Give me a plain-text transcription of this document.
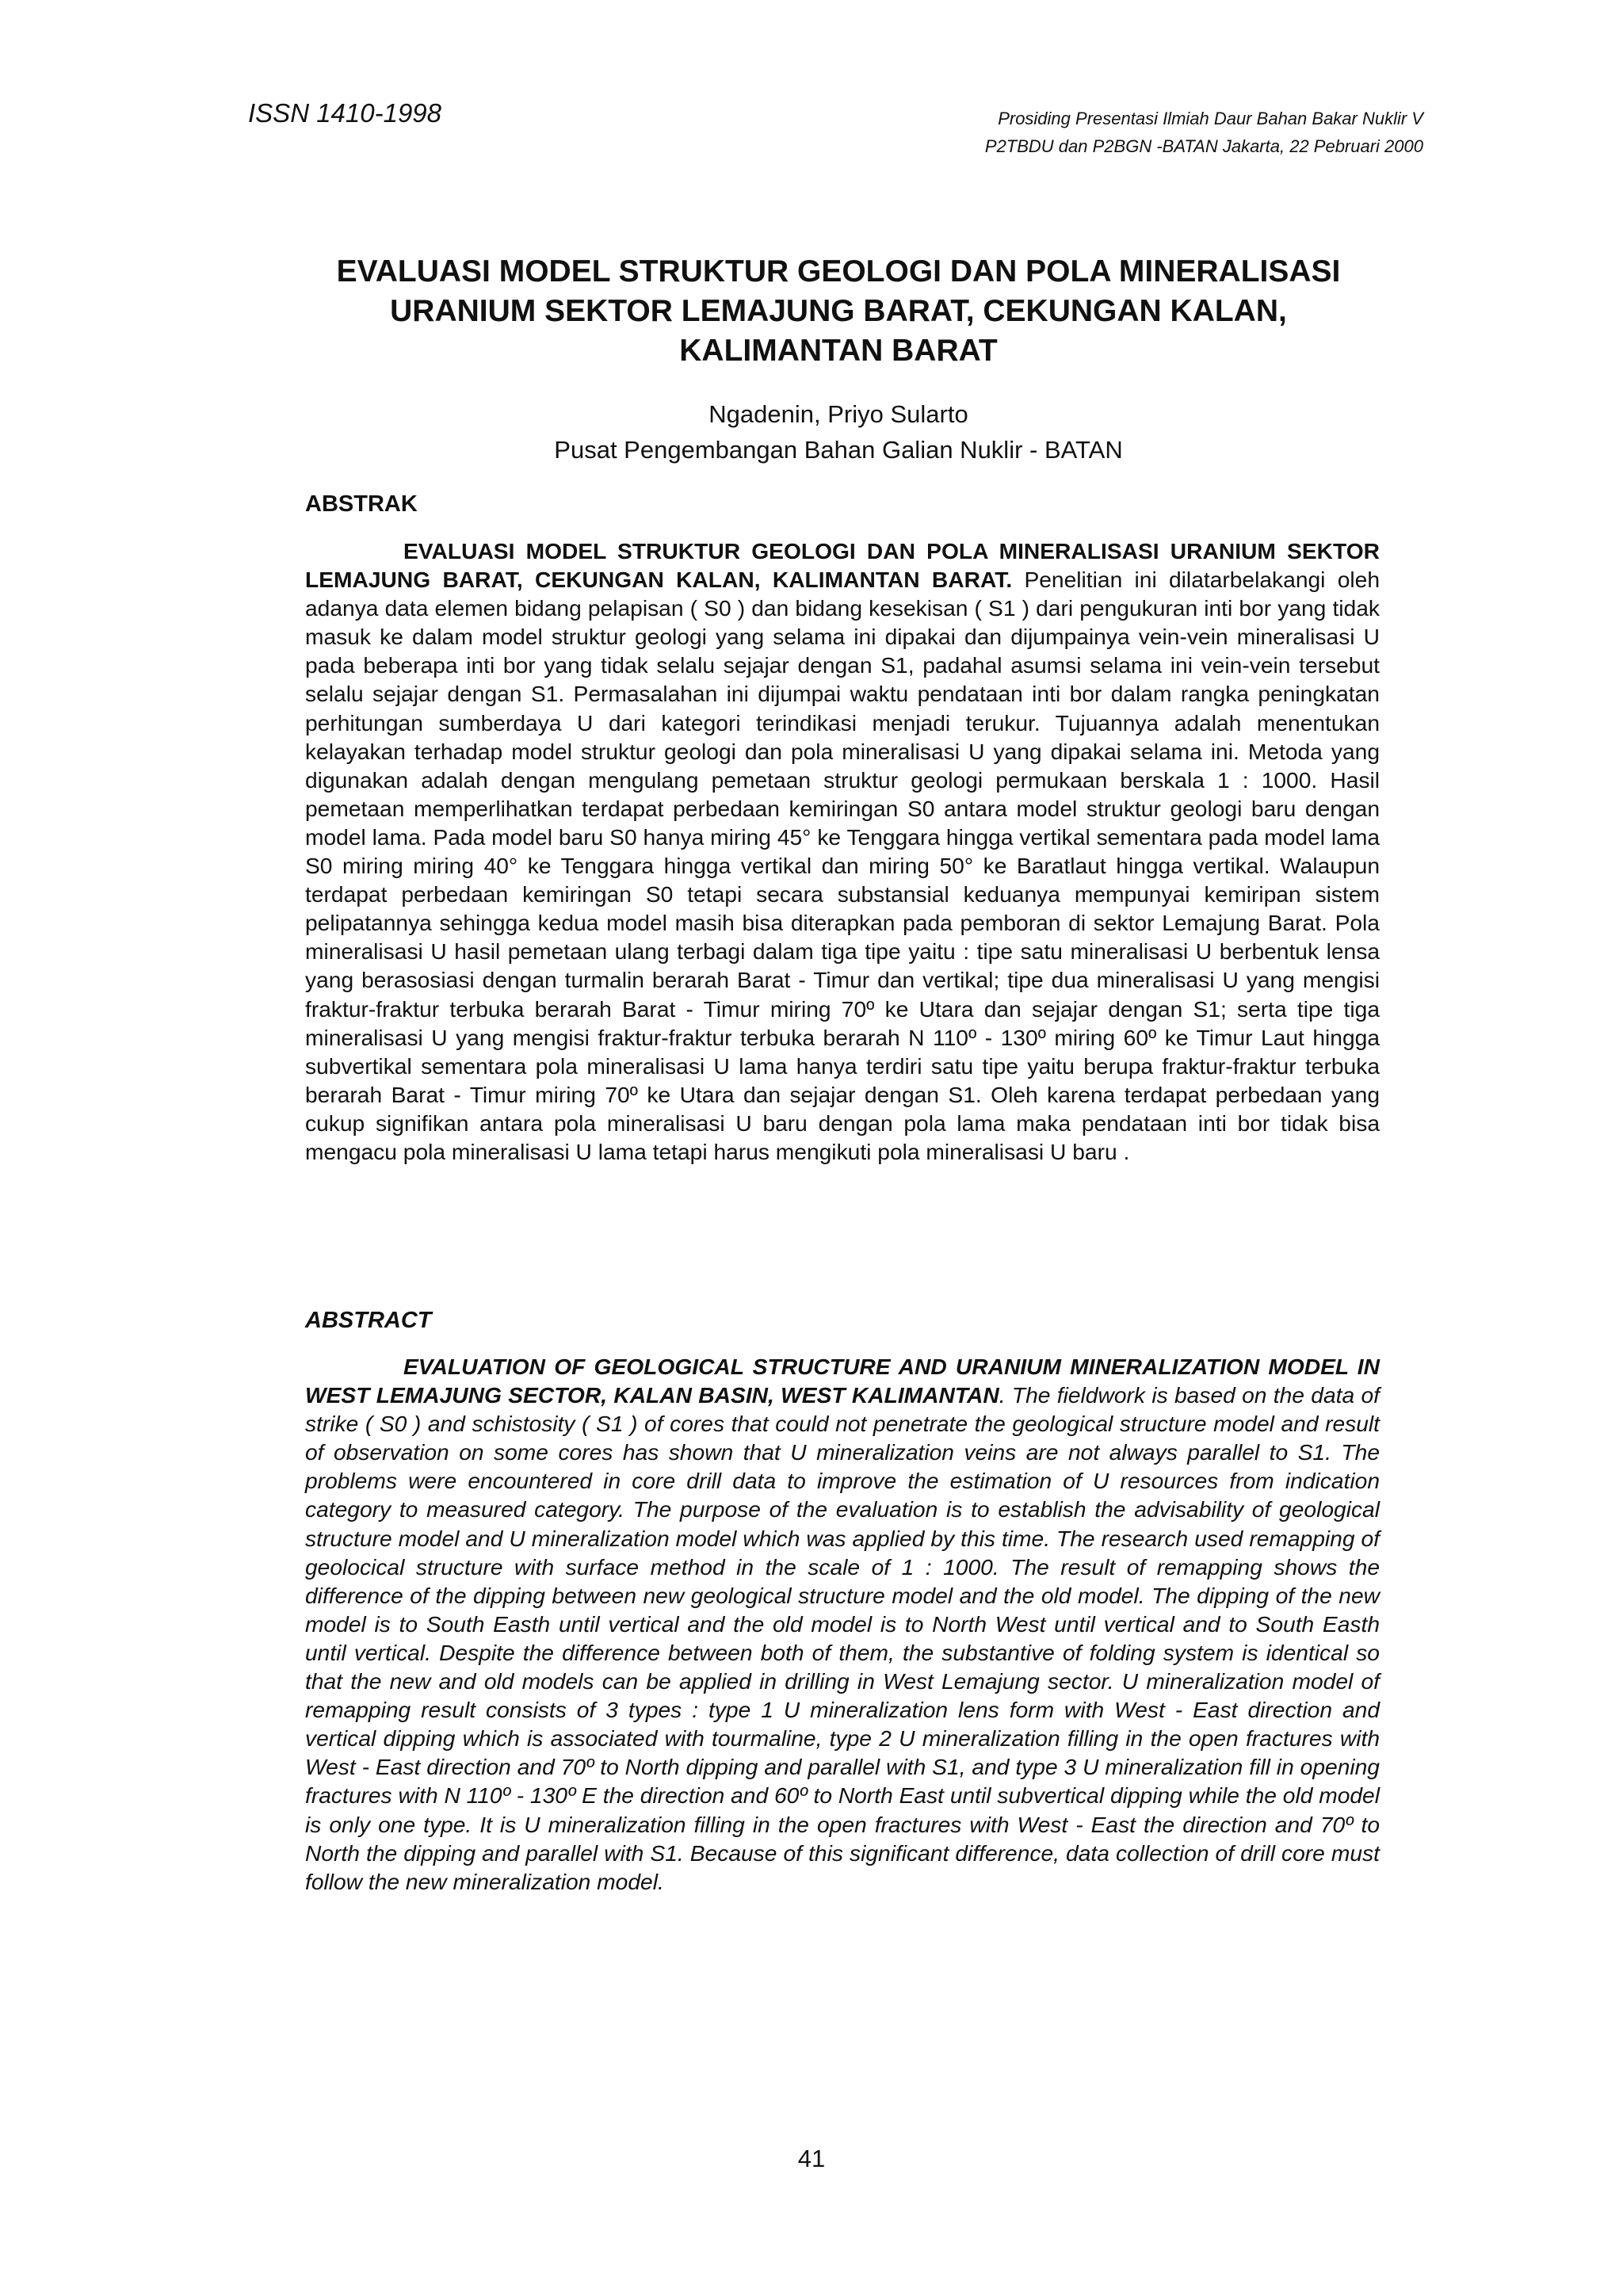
ISSN 1410-1998	Prosiding Presentasi Ilmiah Daur Bahan Bakar Nuklir V
P2TBDU dan P2BGN -BATAN Jakarta, 22 Pebruari 2000
EVALUASI MODEL STRUKTUR GEOLOGI DAN POLA MINERALISASI
URANIUM SEKTOR LEMAJUNG BARAT, CEKUNGAN KALAN,
KALIMANTAN BARAT
Ngadenin, Priyo Sularto
Pusat Pengembangan Bahan Galian Nuklir - BATAN
ABSTRAK

EVALUASI MODEL STRUKTUR GEOLOGI DAN POLA MINERALISASI URANIUM SEKTOR LEMAJUNG BARAT, CEKUNGAN KALAN, KALIMANTAN BARAT. Penelitian ini dilatarbelakangi oleh adanya data elemen bidang pelapisan ( S0 ) dan bidang kesekisan ( S1 ) dari pengukuran inti bor yang tidak masuk ke dalam model struktur geologi yang selama ini dipakai dan dijumpainya vein-vein mineralisasi U pada beberapa inti bor yang tidak selalu sejajar dengan S1, padahal asumsi selama ini vein-vein tersebut selalu sejajar dengan S1. Permasalahan ini dijumpai waktu pendataan inti bor dalam rangka peningkatan perhitungan sumberdaya U dari kategori terindikasi menjadi terukur. Tujuannya adalah menentukan kelayakan terhadap model struktur geologi dan pola mineralisasi U yang dipakai selama ini. Metoda yang digunakan adalah dengan mengulang pemetaan struktur geologi permukaan berskala 1 : 1000. Hasil pemetaan memperlihatkan terdapat perbedaan kemiringan S0 antara model struktur geologi baru dengan model lama. Pada model baru S0 hanya miring 45° ke Tenggara hingga vertikal sementara pada model lama S0 miring miring 40° ke Tenggara hingga vertikal dan miring 50° ke Baratlaut hingga vertikal. Walaupun terdapat perbedaan kemiringan S0 tetapi secara substansial keduanya mempunyai kemiripan sistem pelipatannya sehingga kedua model masih bisa diterapkan pada pemboran di sektor Lemajung Barat. Pola mineralisasi U hasil pemetaan ulang terbagi dalam tiga tipe yaitu : tipe satu mineralisasi U berbentuk lensa yang berasosiasi dengan turmalin berarah Barat - Timur dan vertikal; tipe dua mineralisasi U yang mengisi fraktur-fraktur terbuka berarah Barat - Timur miring 70º ke Utara dan sejajar dengan S1; serta tipe tiga mineralisasi U yang mengisi fraktur-fraktur terbuka berarah N 110º - 130º miring 60º ke Timur Laut hingga subvertikal sementara pola mineralisasi U lama hanya terdiri satu tipe yaitu berupa fraktur-fraktur terbuka berarah Barat - Timur miring 70º ke Utara dan sejajar dengan S1. Oleh karena terdapat perbedaan yang cukup signifikan antara pola mineralisasi U baru dengan pola lama maka pendataan inti bor tidak bisa mengacu pola mineralisasi U lama tetapi harus mengikuti pola mineralisasi U baru .

ABSTRACT

EVALUATION OF GEOLOGICAL STRUCTURE AND URANIUM MINERALIZATION MODEL IN WEST LEMAJUNG SECTOR, KALAN BASIN, WEST KALIMANTAN. The fieldwork is based on the data of strike ( S0 ) and schistosity ( S1 ) of cores that could not penetrate the geological structure model and result of observation on some cores has shown that U mineralization veins are not always parallel to S1. The problems were encountered in core drill data to improve the estimation of U resources from indication category to measured category. The purpose of the evaluation is to establish the advisability of geological structure model and U mineralization model which was applied by this time. The research used remapping of geolocical structure with surface method in the scale of 1 : 1000. The result of remapping shows the difference of the dipping between new geological structure model and the old model. The dipping of the new model is to South Easth until vertical and the old model is to North West until vertical and to South Easth until vertical. Despite the difference between both of them, the substantive of folding system is identical so that the new and old models can be applied in drilling in West Lemajung sector. U mineralization model of remapping result consists of 3 types : type 1 U mineralization lens form with West - East direction and vertical dipping which is associated with tourmaline, type 2 U mineralization filling in the open fractures with West - East direction and 70º to North dipping and parallel with S1, and type 3 U mineralization fill in opening fractures with N 110º - 130º E the direction and 60º to North East until subvertical dipping while the old model is only one type. It is U mineralization filling in the open fractures with West - East the direction and 70º to North the dipping and parallel with S1. Because of this significant difference, data collection of drill core must follow the new mineralization model.

41
